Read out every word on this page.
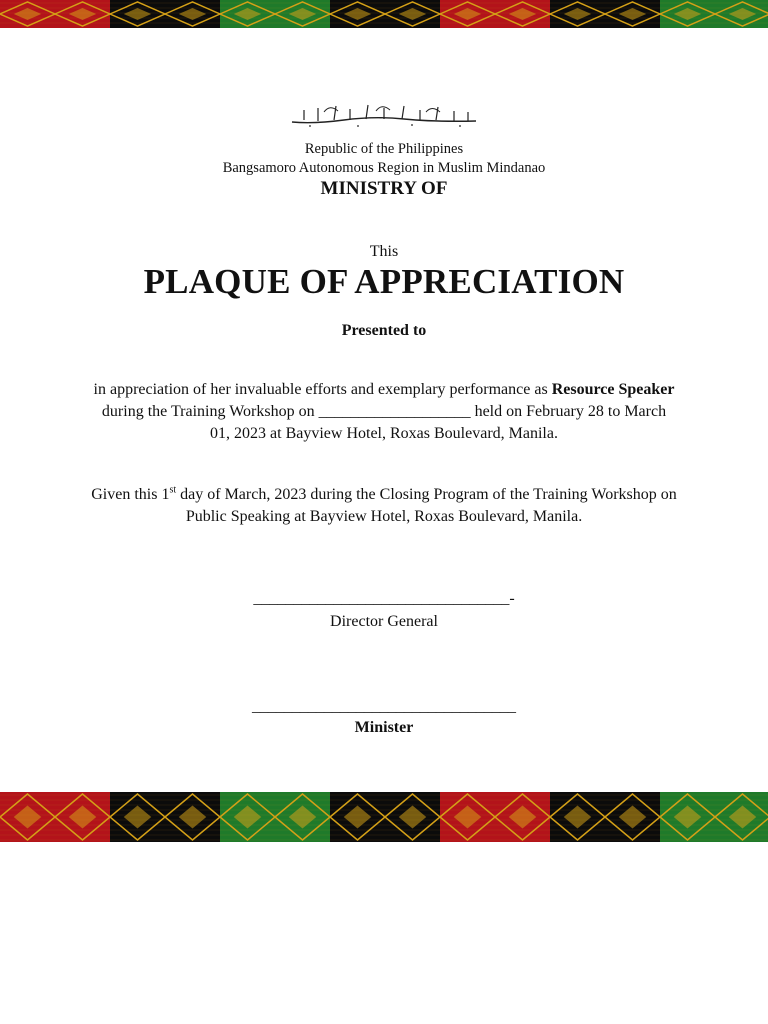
Republic of the Philippines
Bangsamoro Autonomous Region in Muslim Mindanao
MINISTRY OF
This
PLAQUE OF APPRECIATION
Presented to
in appreciation of her invaluable efforts and exemplary performance as Resource Speaker during the Training Workshop on ___________________ held on February 28 to March 01, 2023 at Bayview Hotel, Roxas Boulevard, Manila.
Given this 1st day of March, 2023 during the Closing Program of the Training Workshop on Public Speaking at Bayview Hotel, Roxas Boulevard, Manila.
________________________________-
Director General
_________________________________
Minister
